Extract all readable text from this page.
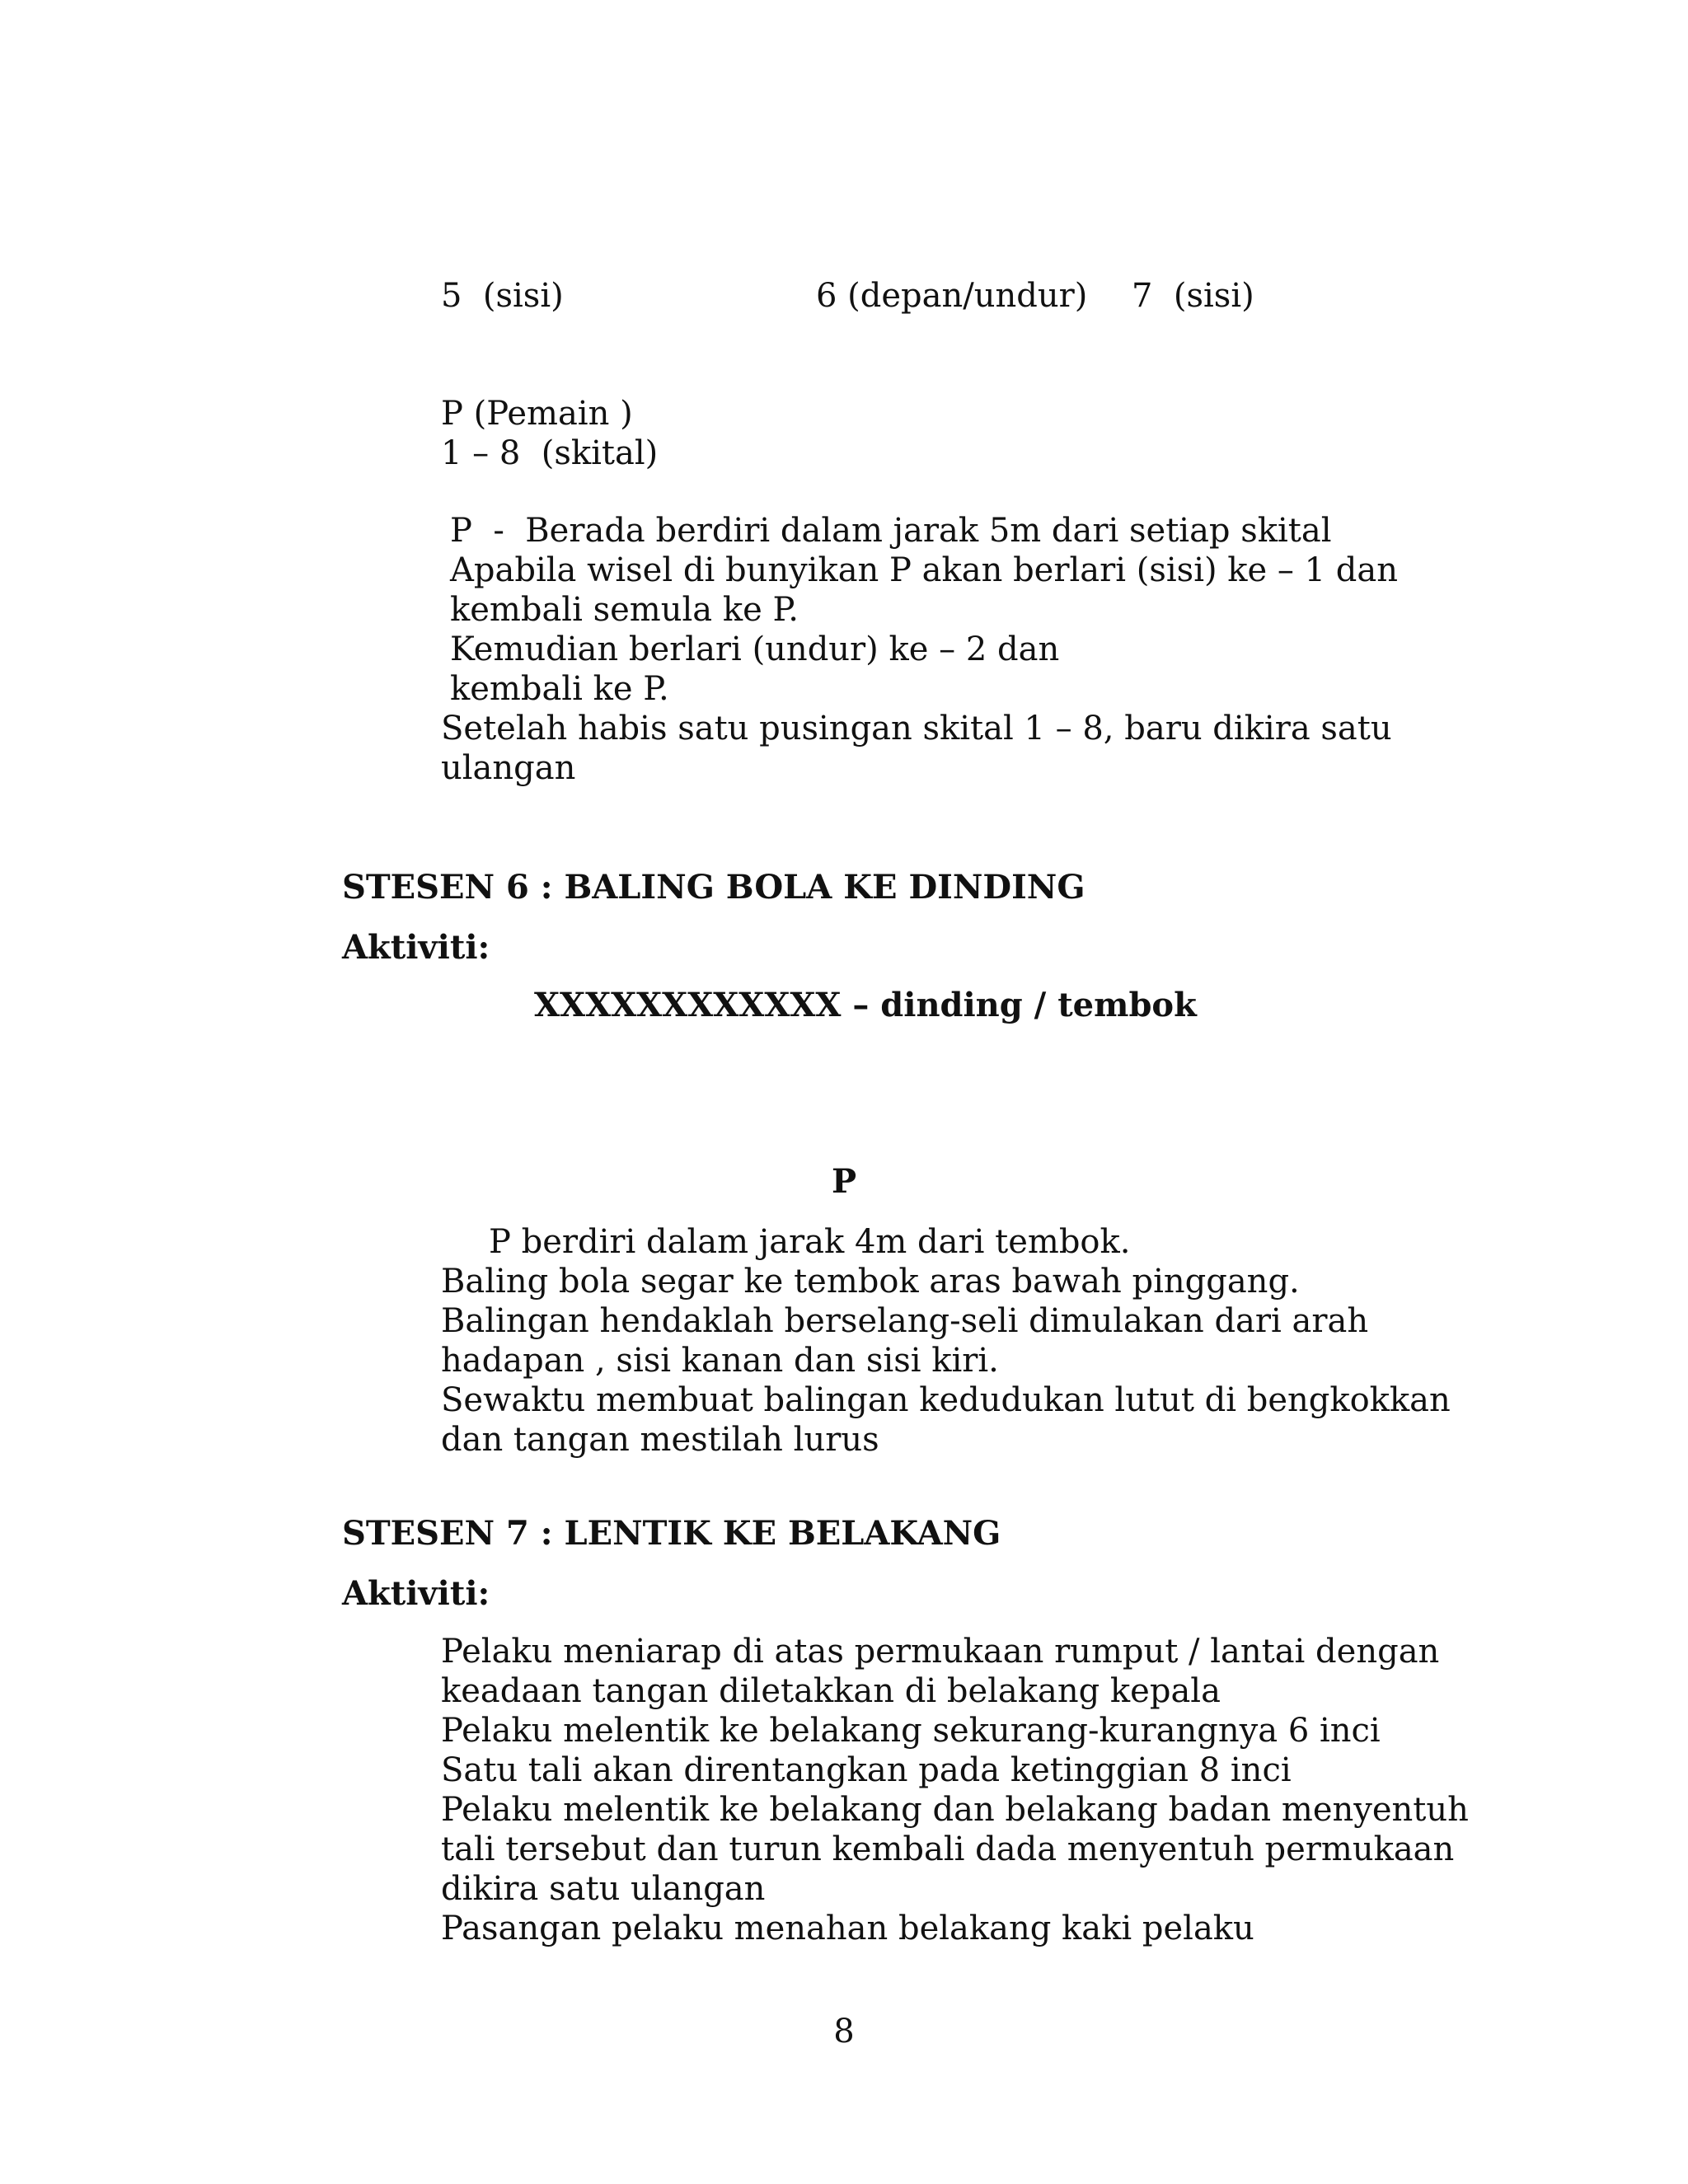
5  (sisi)	6 (depan/undur) 7  (sisi)
P (Pemain )
1 – 8  (skital)
P  -  Berada berdiri dalam jarak 5m dari setiap skital
Apabila wisel di bunyikan P akan berlari (sisi) ke – 1 dan
kembali semula ke P.
Kemudian berlari (undur) ke – 2 dan
kembali ke P.
Setelah habis satu pusingan skital 1 – 8, baru dikira satu
ulangan
STESEN 6 : BALING BOLA KE DINDING
Aktiviti:
XXXXXXXXXXXX – dinding / tembok
P
P berdiri dalam jarak 4m dari tembok.
Baling bola segar ke tembok aras bawah pinggang.
Balingan hendaklah berselang-seli dimulakan dari arah
hadapan , sisi kanan dan sisi kiri.
Sewaktu membuat balingan kedudukan lutut di bengkokkan
dan tangan mestilah lurus
STESEN 7 : LENTIK KE BELAKANG
Aktiviti:
Pelaku meniarap di atas permukaan rumput / lantai dengan
keadaan tangan diletakkan di belakang kepala
Pelaku melentik ke belakang sekurang-kurangnya 6 inci
Satu tali akan direntangkan pada ketinggian 8 inci
Pelaku melentik ke belakang dan belakang badan menyentuh
tali tersebut dan turun kembali dada menyentuh permukaan
dikira satu ulangan
Pasangan pelaku menahan belakang kaki pelaku
8
